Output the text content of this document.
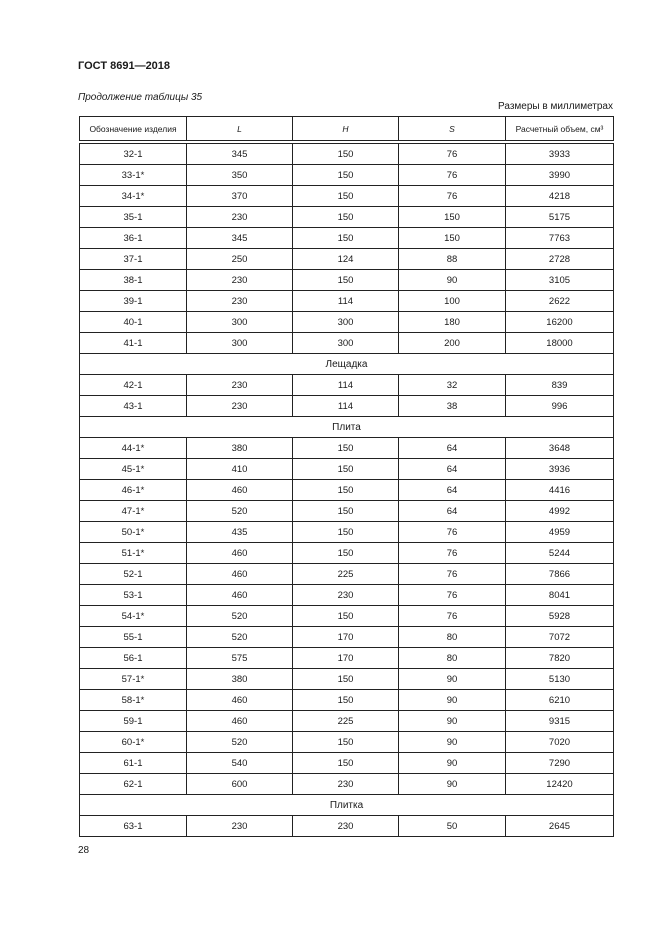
ГОСТ 8691—2018
Продолжение таблицы 35
Размеры в миллиметрах
Обозначение изделия	L	H	S	Расчетный объем, см³

32-1	345	150	76	3933
33-1*	350	150	76	3990
34-1*	370	150	76	4218
35-1	230	150	150	5175
36-1	345	150	150	7763
37-1	250	124	88	2728
38-1	230	150	90	3105
39-1	230	114	100	2622
40-1	300	300	180	16200
41-1	300	300	200	18000
Лещадка				
42-1	230	114	32	839
43-1	230	114	38	996
Плита				
44-1*	380	150	64	3648
45-1*	410	150	64	3936
46-1*	460	150	64	4416
47-1*	520	150	64	4992
50-1*	435	150	76	4959
51-1*	460	150	76	5244
52-1	460	225	76	7866
53-1	460	230	76	8041
54-1*	520	150	76	5928
55-1	520	170	80	7072
56-1	575	170	80	7820
57-1*	380	150	90	5130
58-1*	460	150	90	6210
59-1	460	225	90	9315
60-1*	520	150	90	7020
61-1	540	150	90	7290
62-1	600	230	90	12420
Плитка				
63-1	230	230	50	2645
28
